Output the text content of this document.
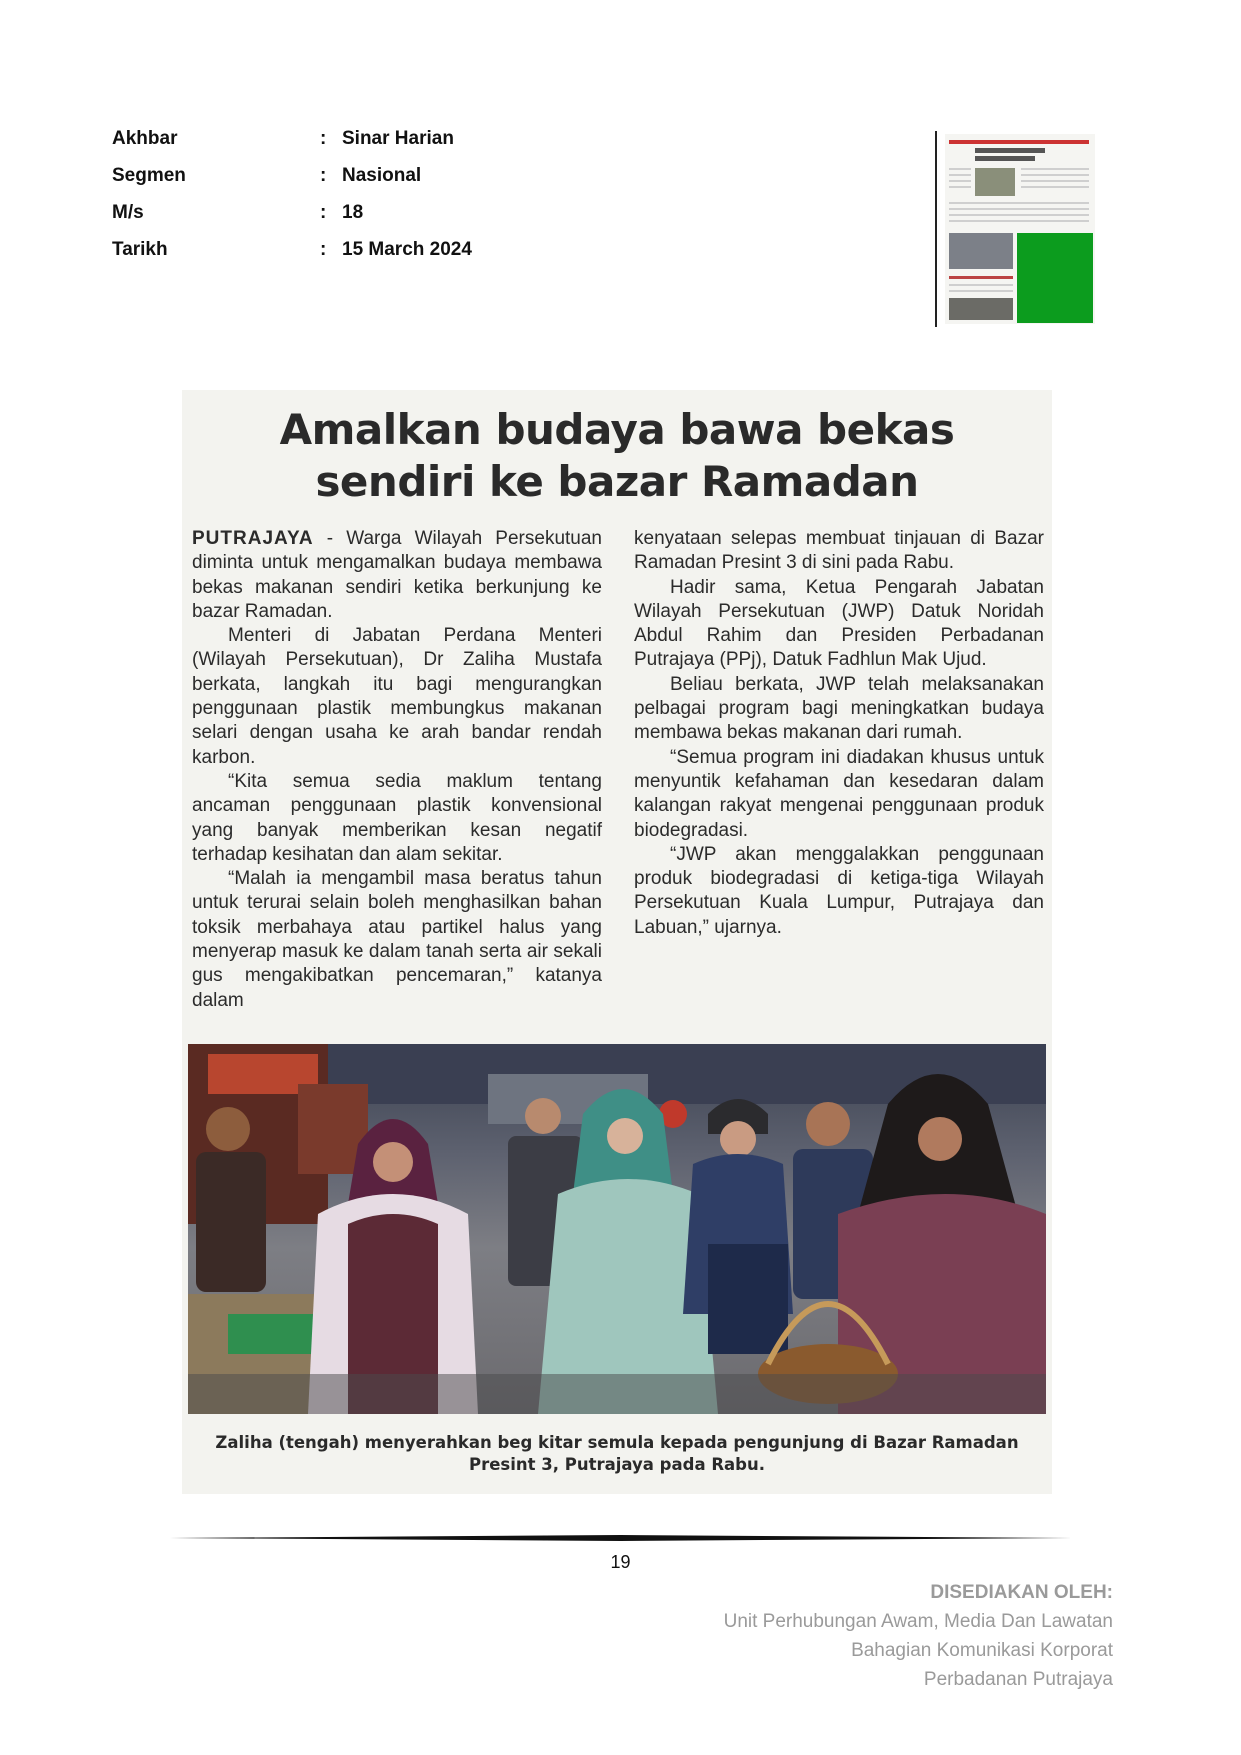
Akhbar	: Sinar Harian
Segmen	: Nasional
M/s	: 18
Tarikh	: 15 March 2024
Amalkan budaya bawa bekas
sendiri ke bazar Ramadan

PUTRAJAYA - Warga Wilayah Persekutuan diminta untuk mengamalkan budaya membawa bekas makanan sendiri ketika berkunjung ke bazar Ramadan.

Menteri di Jabatan Perdana Menteri (Wilayah Persekutuan), Dr Zaliha Mustafa berkata, langkah itu bagi mengurangkan penggunaan plastik membungkus makanan selari dengan usaha ke arah bandar rendah karbon.

“Kita semua sedia maklum tentang ancaman penggunaan plastik konvensional yang banyak memberikan kesan negatif terhadap kesihatan dan alam sekitar.

“Malah ia mengambil masa beratus tahun untuk terurai selain boleh menghasilkan bahan toksik merbahaya atau partikel halus yang menyerap masuk ke dalam tanah serta air sekali gus mengakibatkan pencemaran,” katanya dalam

kenyataan selepas membuat tinjauan di Bazar Ramadan Presint 3 di sini pada Rabu.

Hadir sama, Ketua Pengarah Jabatan Wilayah Persekutuan (JWP) Datuk Noridah Abdul Rahim dan Presiden Perbadanan Putrajaya (PPj), Datuk Fadhlun Mak Ujud.

Beliau berkata, JWP telah melaksanakan pelbagai program bagi meningkatkan budaya membawa bekas makanan dari rumah.

“Semua program ini diadakan khusus untuk menyuntik kefahaman dan kesedaran dalam kalangan rakyat mengenai penggunaan produk biodegradasi.

“JWP akan menggalakkan penggunaan produk biodegradasi di ketiga-tiga Wilayah Persekutuan Kuala Lumpur, Putrajaya dan Labuan,” ujarnya.

Zaliha (tengah) menyerahkan beg kitar semula kepada pengunjung di Bazar Ramadan
Presint 3, Putrajaya pada Rabu.
19
DISEDIAKAN OLEH:
Unit Perhubungan Awam, Media Dan Lawatan
Bahagian Komunikasi Korporat
Perbadanan Putrajaya
